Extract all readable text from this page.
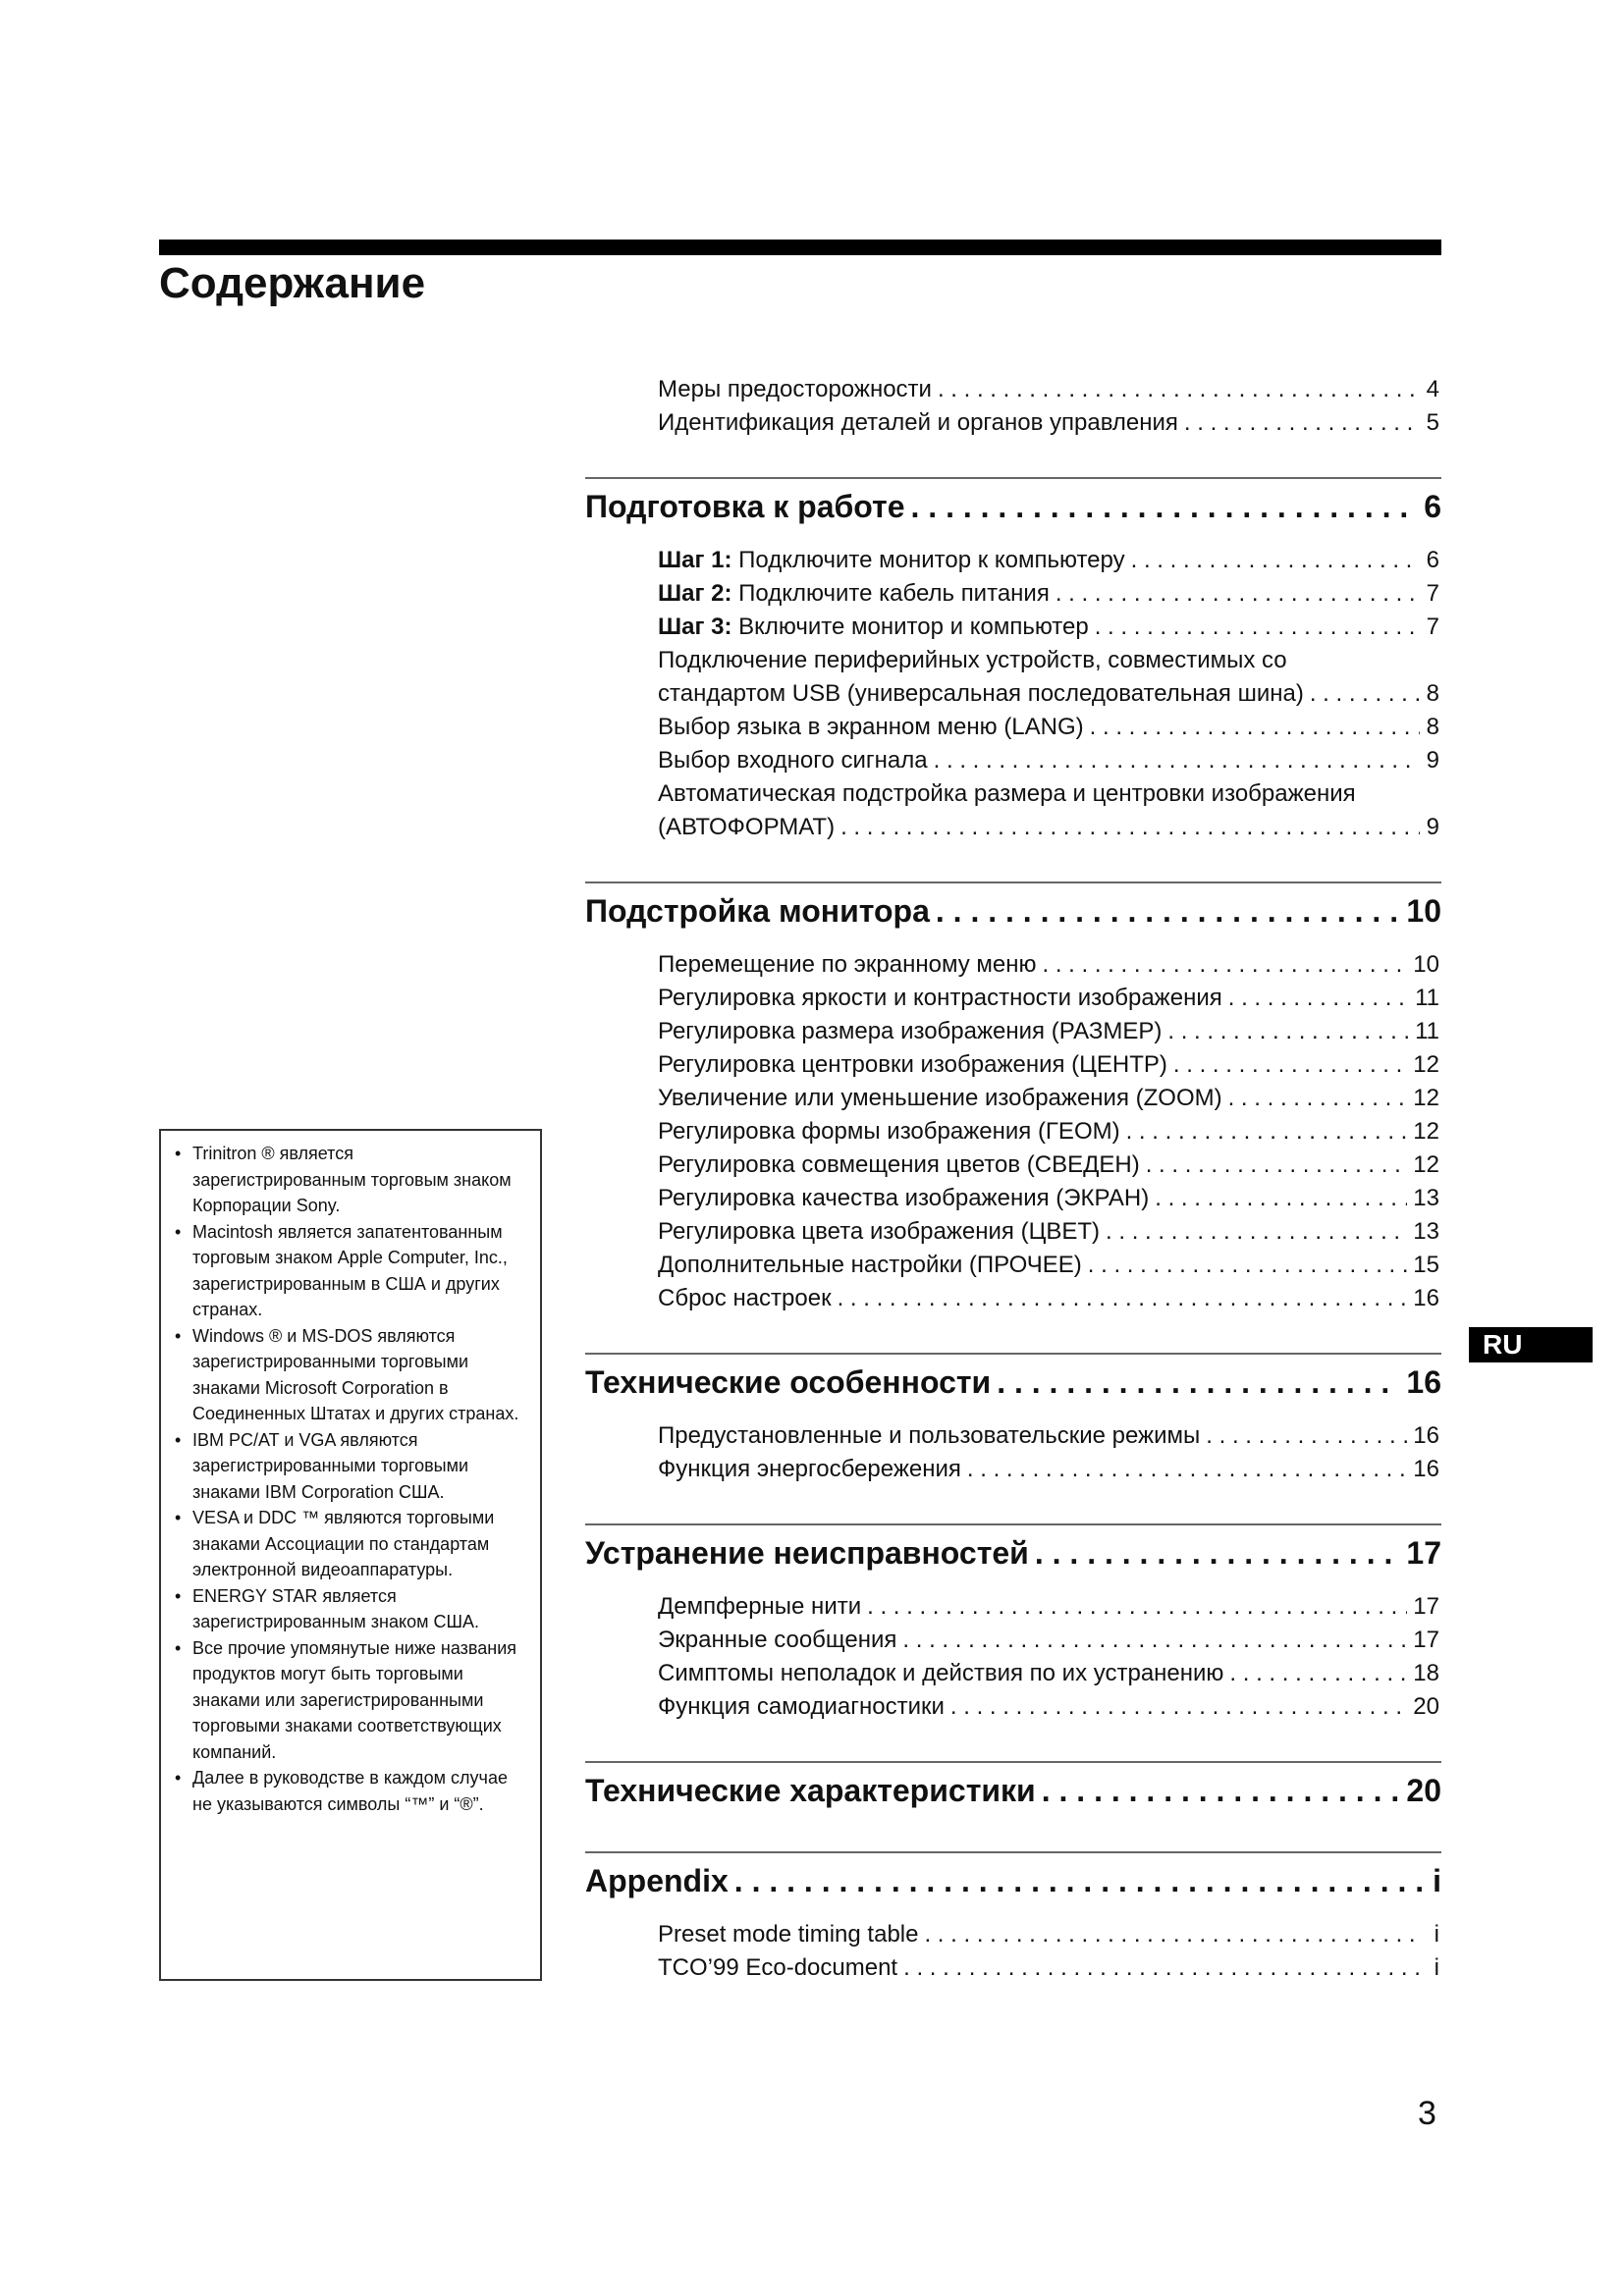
Содержание
Меры предосторожности . . .	4
Идентификация деталей и органов управления . . .	5
Подготовка к работе . . .	6
Шаг 1: Подключите монитор к компьютеру . . .	6
Шаг 2: Подключите кабель питания . . .	7
Шаг 3: Включите монитор и компьютер . . .	7
Подключение периферийных устройств, совместимых со
стандартом USB (универсальная последовательная шина) . . .	8
Выбор языка в экранном меню (LANG) . . .	8
Выбор входного сигнала . . .	9
Автоматическая подстройка размера и центровки изображения
(АВТОФОРМАТ) . . .	9
Подстройка монитора . . .	10
Перемещение по экранному меню . . .	10
Регулировка яркости и контрастности изображения . . .	11
Регулировка размера изображения (РАЗМЕР) . . .	11
Регулировка центровки изображения (ЦЕНТР) . . .	12
Увеличение или уменьшение изображения (ZOOM) . . .	12
Регулировка формы изображения (ГЕОМ) . . .	12
Регулировка совмещения цветов (СВЕДЕН) . . .	12
Регулировка качества изображения (ЭКРАН) . . .	13
Регулировка цвета изображения (ЦВЕТ) . . .	13
Дополнительные настройки (ПРОЧЕЕ) . . .	15
Сброс настроек . . .	16
Технические особенности . . .	16
Предустановленные и пользовательские режимы . . .	16
Функция энергосбережения . . .	16
Устранение неисправностей . . .	17
Демпферные нити . . .	17
Экранные сообщения . . .	17
Симптомы неполадок и действия по их устранению . . .	18
Функция самодиагностики . . .	20
Технические характеристики . . .	20
Appendix . . .	i
Preset mode timing table . . .	i
TCO’99 Eco-document . . .	i
RU
• Trinitron ® является зарегистрированным торговым знаком Корпорации Sony.
• Macintosh является запатентованным торговым знаком Apple Computer, Inc., зарегистрированным в США и других странах.
• Windows ® и MS-DOS являются зарегистрированными торговыми знаками Microsoft Corporation в Соединенных Штатах и других странах.
• IBM PC/AT и VGA являются зарегистрированными торговыми знаками IBM Corporation США.
• VESA и DDC ™ являются торговыми знаками Ассоциации по стандартам электронной видеоаппаратуры.
• ENERGY STAR является зарегистрированным знаком США.
• Все прочие упомянутые ниже названия продуктов могут быть торговыми знаками или зарегистрированными торговыми знаками соответствующих компаний.
• Далее в руководстве в каждом случае не указываются символы “™” и “®”.
3
